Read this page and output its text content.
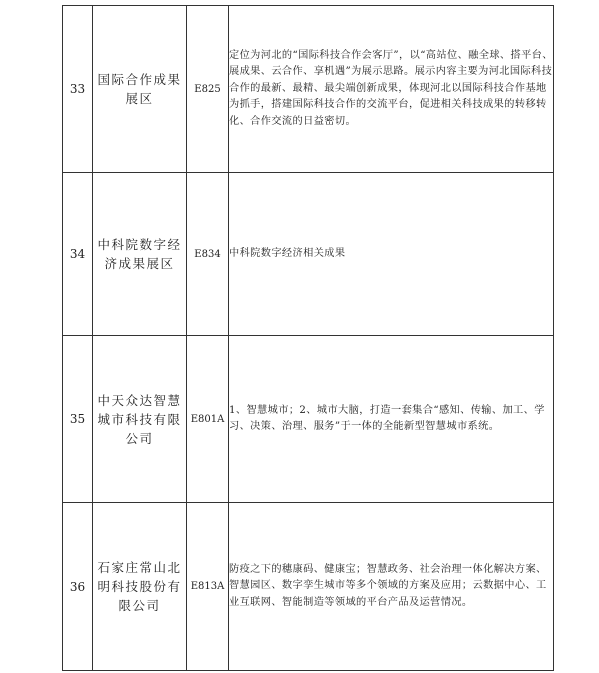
33	国际合作成果展区	E825	定位为河北的“国际科技合作会客厅”，以“高站位、融全球、搭平台、展成果、云合作、享机遇”为展示思路。展示内容主要为河北国际科技合作的最新、最精、最尖端创新成果，体现河北以国际科技合作基地为抓手，搭建国际科技合作的交流平台，促进相关科技成果的转移转化、合作交流的日益密切。
34	中科院数字经济成果展区	E834	中科院数字经济相关成果
35	中天众达智慧城市科技有限公司	E801A	1、智慧城市；2、城市大脑，打造一套集合“感知、传输、加工、学习、决策、治理、服务”于一体的全能新型智慧城市系统。
36	石家庄常山北明科技股份有限公司	E813A	防疫之下的穗康码、健康宝；智慧政务、社会治理一体化解决方案、智慧园区、数字孪生城市等多个领域的方案及应用；云数据中心、工业互联网、智能制造等领域的平台产品及运营情况。
